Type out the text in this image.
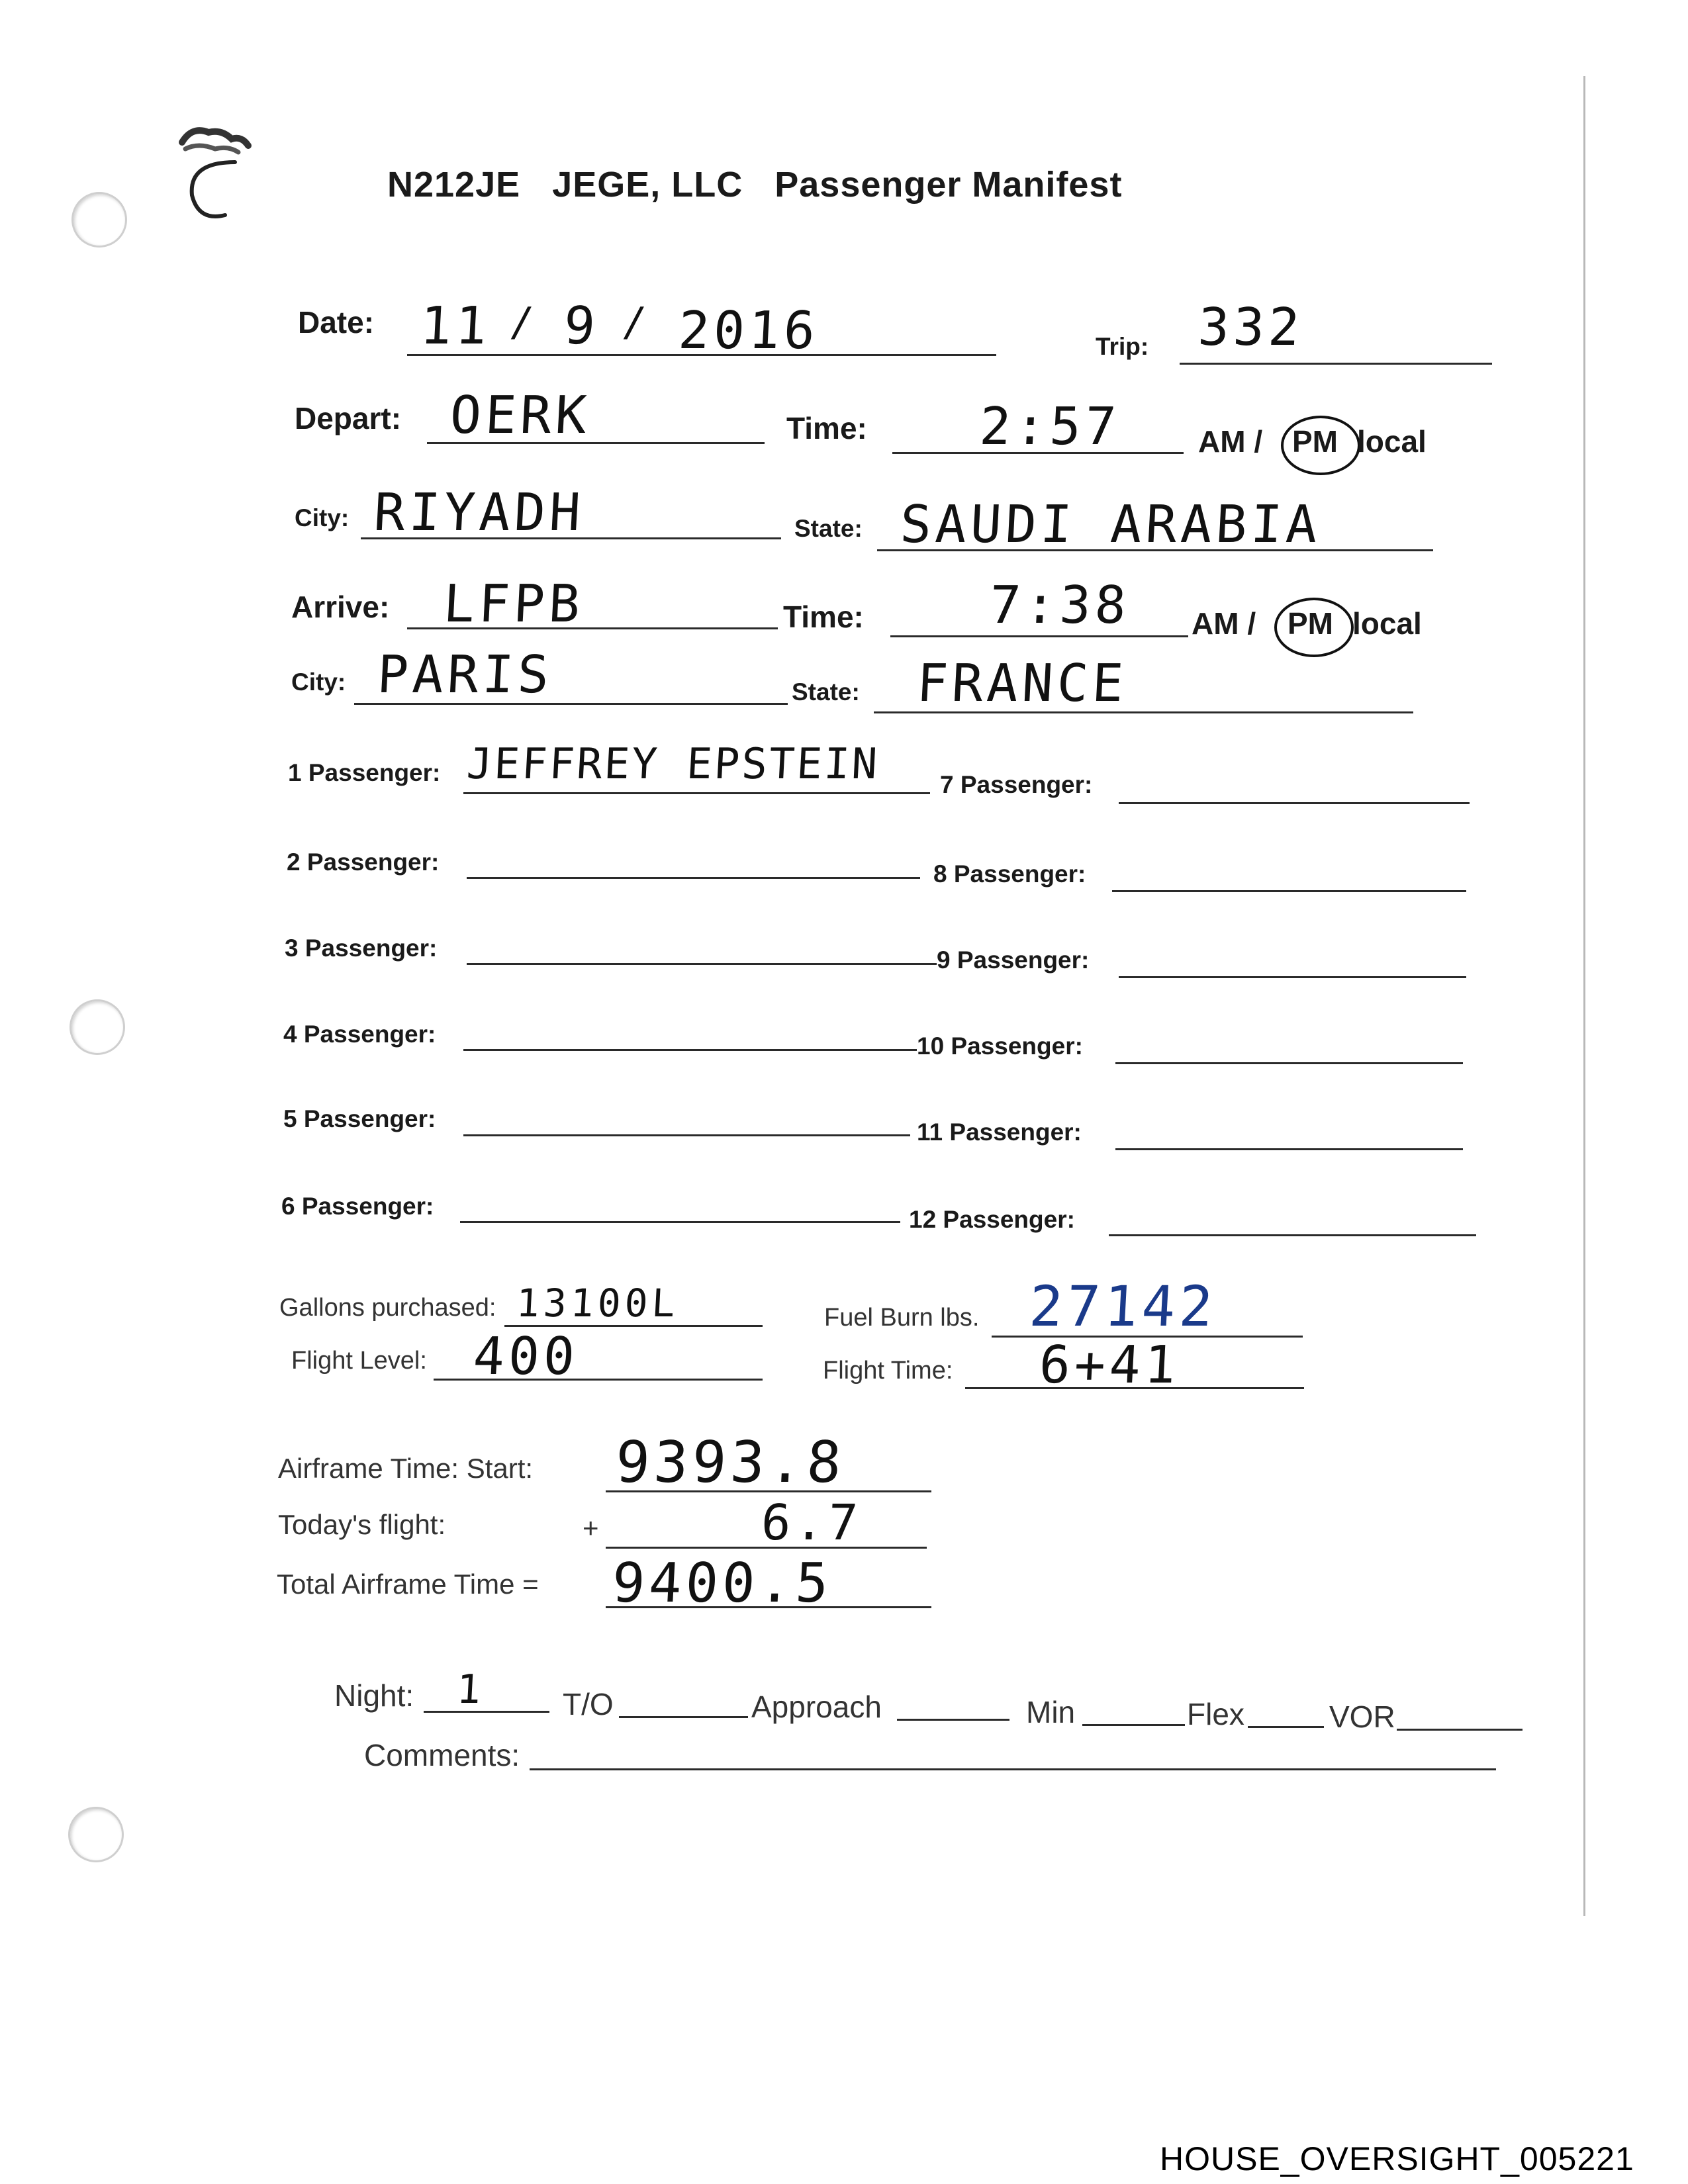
N212JE JEGE, LLC Passenger Manifest
Date: 11 / 9 / 2016	Trip: 332
Depart: OERK	Time: 2:57	AM / PM local
City: RIYADH	State: SAUDI ARABIA
Arrive: LFPB	Time: 7:38 AM / PM local
City: PARIS	State: FRANCE
1 Passenger: JEFFREY EPSTEIN
2 Passenger:
3 Passenger:
4 Passenger:
5 Passenger:
6 Passenger:
7 Passenger:
8 Passenger:
9 Passenger:
10 Passenger:
11 Passenger:
12 Passenger:
Gallons purchased: 13100L	Fuel Burn lbs. 27142
Flight Level: 400	Flight Time: 6+41
Airframe Time: Start: 9393.8
Today's flight:	+	6.7
Total Airframe Time = 9400.5
Night: 1	T/O	Approach	Min	Flex	VOR
Comments:
HOUSE_OVERSIGHT_005221
